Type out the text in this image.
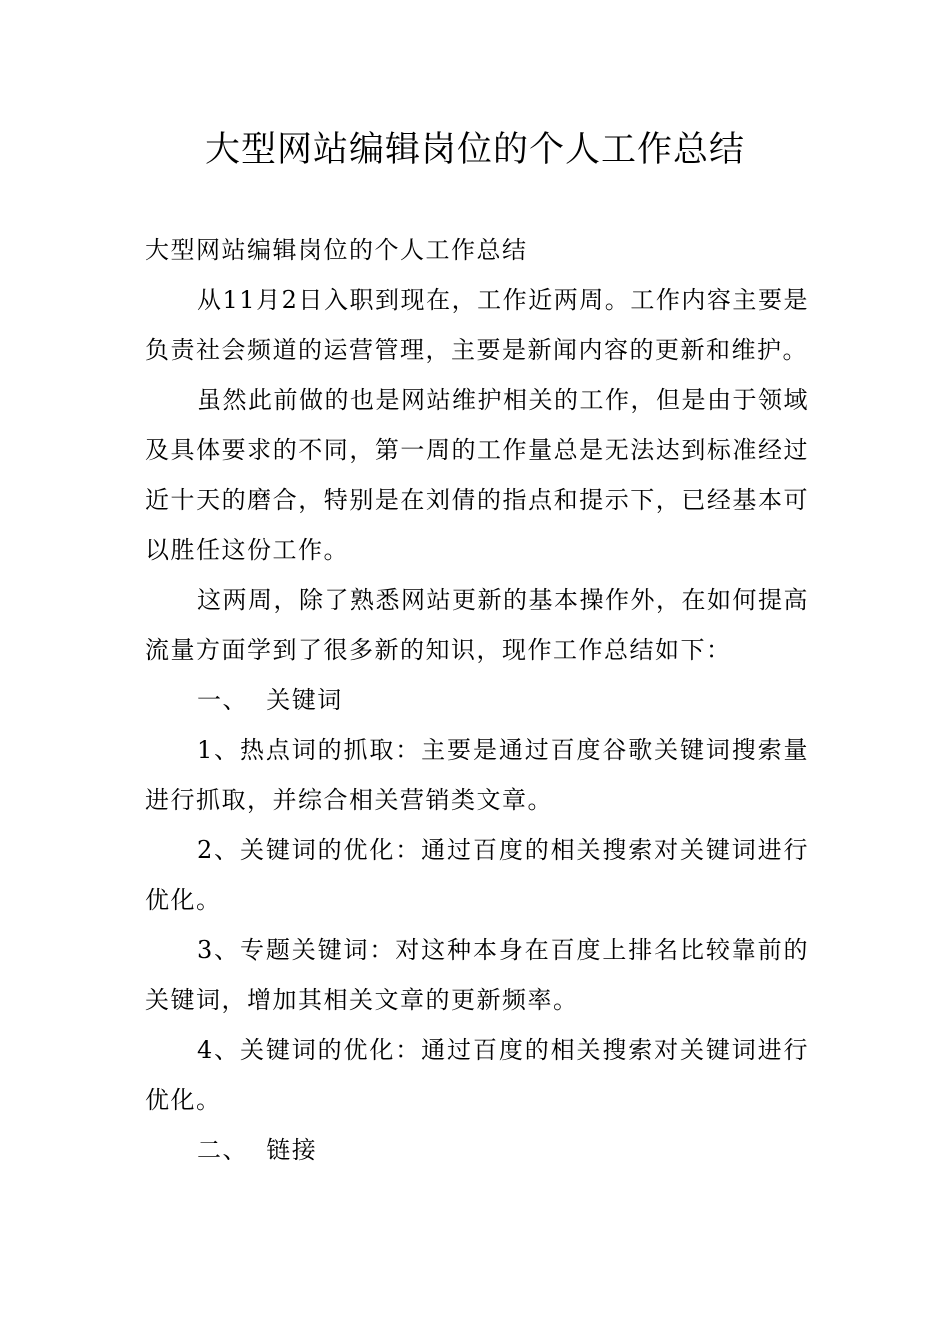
大型网站编辑岗位的个人工作总结

大型网站编辑岗位的个人工作总结

从11月2日入职到现在，工作近两周。工作内容主要是负责社会频道的运营管理，主要是新闻内容的更新和维护。

虽然此前做的也是网站维护相关的工作，但是由于领域及具体要求的不同，第一周的工作量总是无法达到标准经过近十天的磨合，特别是在刘倩的指点和提示下，已经基本可以胜任这份工作。

这两周，除了熟悉网站更新的基本操作外，在如何提高流量方面学到了很多新的知识，现作工作总结如下：

一、  关键词

1、热点词的抓取：主要是通过百度谷歌关键词搜索量进行抓取，并综合相关营销类文章。

2、关键词的优化：通过百度的相关搜索对关键词进行优化。

3、专题关键词：对这种本身在百度上排名比较靠前的关键词，增加其相关文章的更新频率。

4、关键词的优化：通过百度的相关搜索对关键词进行优化。

二、  链接
